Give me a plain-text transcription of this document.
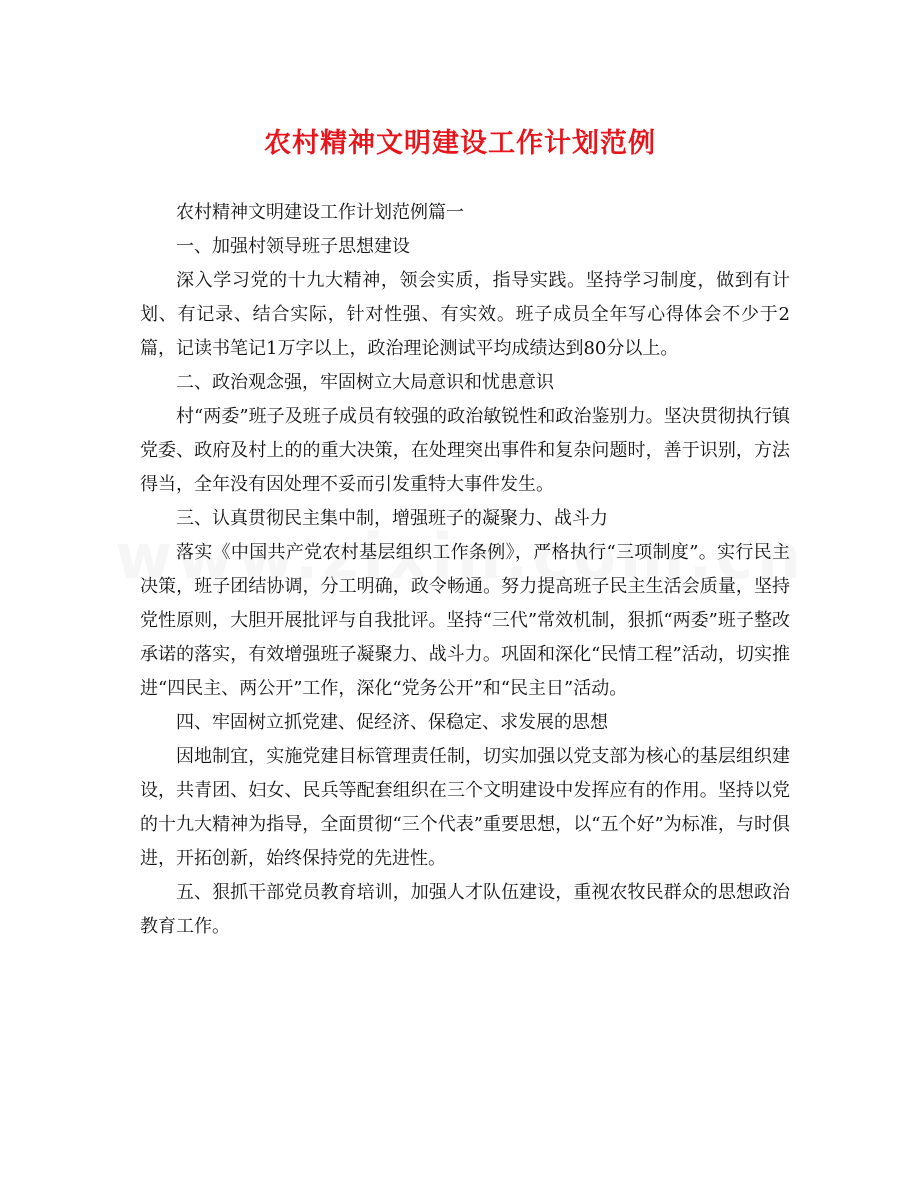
农村精神文明建设工作计划范例

农村精神文明建设工作计划范例篇一

一、加强村领导班子思想建设

深入学习党的十九大精神，领会实质，指导实践。坚持学习制度，做到有计划、有记录、结合实际，针对性强、有实效。班子成员全年写心得体会不少于2篇，记读书笔记1万字以上，政治理论测试平均成绩达到80分以上。

二、政治观念强，牢固树立大局意识和忧患意识

村“两委”班子及班子成员有较强的政治敏锐性和政治鉴别力。坚决贯彻执行镇党委、政府及村上的的重大决策，在处理突出事件和复杂问题时，善于识别，方法得当，全年没有因处理不妥而引发重特大事件发生。

三、认真贯彻民主集中制，增强班子的凝聚力、战斗力

落实《中国共产党农村基层组织工作条例》，严格执行“三项制度”。实行民主决策，班子团结协调，分工明确，政令畅通。努力提高班子民主生活会质量，坚持党性原则，大胆开展批评与自我批评。坚持“三代”常效机制，狠抓“两委”班子整改承诺的落实，有效增强班子凝聚力、战斗力。巩固和深化“民情工程”活动，切实推进“四民主、两公开”工作，深化“党务公开”和“民主日”活动。

四、牢固树立抓党建、促经济、保稳定、求发展的思想

因地制宜，实施党建目标管理责任制，切实加强以党支部为核心的基层组织建设，共青团、妇女、民兵等配套组织在三个文明建设中发挥应有的作用。坚持以党的十九大精神为指导，全面贯彻“三个代表”重要思想，以“五个好”为标准，与时俱进，开拓创新，始终保持党的先进性。

五、狠抓干部党员教育培训，加强人才队伍建设，重视农牧民群众的思想政治教育工作。
